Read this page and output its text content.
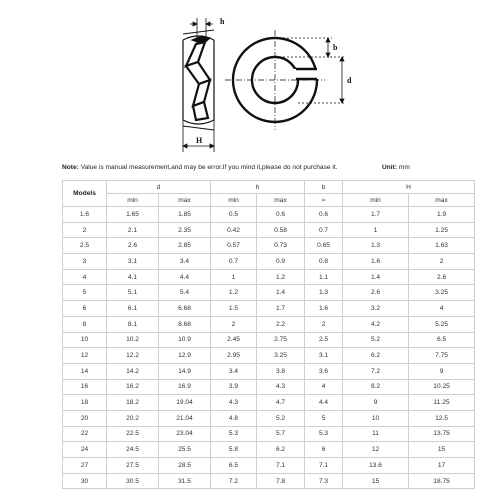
h
H
b
d
Note: Value is manual measurement,and may be error.If you mind it,please do not purchase it.	Unit: mm
Models	d		h		b	H	
	min	max	min	max	≈	min	max
1.6	1.65	1.85	0.5	0.6	0.6	1.7	1.9
2	2.1	2.35	0.42	0.58	0.7	1	1.25
2.5	2.6	2.85	0.57	0.73	0.65	1.3	1.63
3	3.1	3.4	0.7	0.9	0.8	1.6	2
4	4.1	4.4	1	1.2	1.1	1.4	2.6
5	5.1	5.4	1.2	1.4	1.3	2.6	3.25
6	6.1	6.68	1.5	1.7	1.6	3.2	4
8	8.1	8.68	2	2.2	2	4.2	5.25
10	10.2	10.9	2.45	2.75	2.5	5.2	6.5
12	12.2	12.9	2.95	3.25	3.1	6.2	7.75
14	14.2	14.9	3.4	3.8	3.6	7.2	9
16	16.2	16.9	3.9	4.3	4	8.2	10.25
18	18.2	19.04	4.3	4.7	4.4	9	11.25
20	20.2	21.04	4.8	5.2	5	10	12.5
22	22.5	23.04	5.3	5.7	5.3	11	13.75
24	24.5	25.5	5.8	6.2	6	12	15
27	27.5	28.5	6.5	7.1	7.1	13.6	17
30	30.5	31.5	7.2	7.8	7.3	15	18.75
